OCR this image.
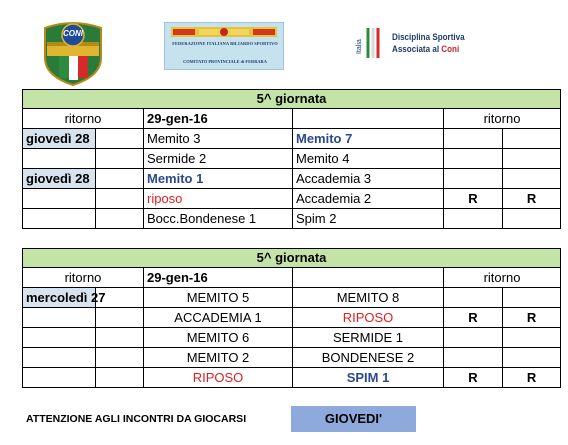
CONI
FEDERAZIONE ITALIANA BILIARDO SPORTIVO
COMITATO PROVINCIALE di FERRARA
Italia
Disciplina Sportiva
Associata al Coni
5^ giornata					
ritorno		29-gen-16		ritorno	
giovedì 28		Memito 3	Memito 7		
		Sermide 2	Memito 4		
giovedì 28		Memito 1	Accademia 3		
		riposo	Accademia 2	R	R
		Bocc.Bondenese 1	Spim 2		
5^ giornata					
ritorno		29-gen-16		ritorno	
mercoledì 27		MEMITO 5	MEMITO 8		
		ACCADEMIA 1	RIPOSO	R	R
		MEMITO 6	SERMIDE 1		
		MEMITO 2	BONDENESE 2		
		RIPOSO	SPIM 1	R	R
ATTENZIONE AGLI INCONTRI DA GIOCARSI	GIOVEDI'
